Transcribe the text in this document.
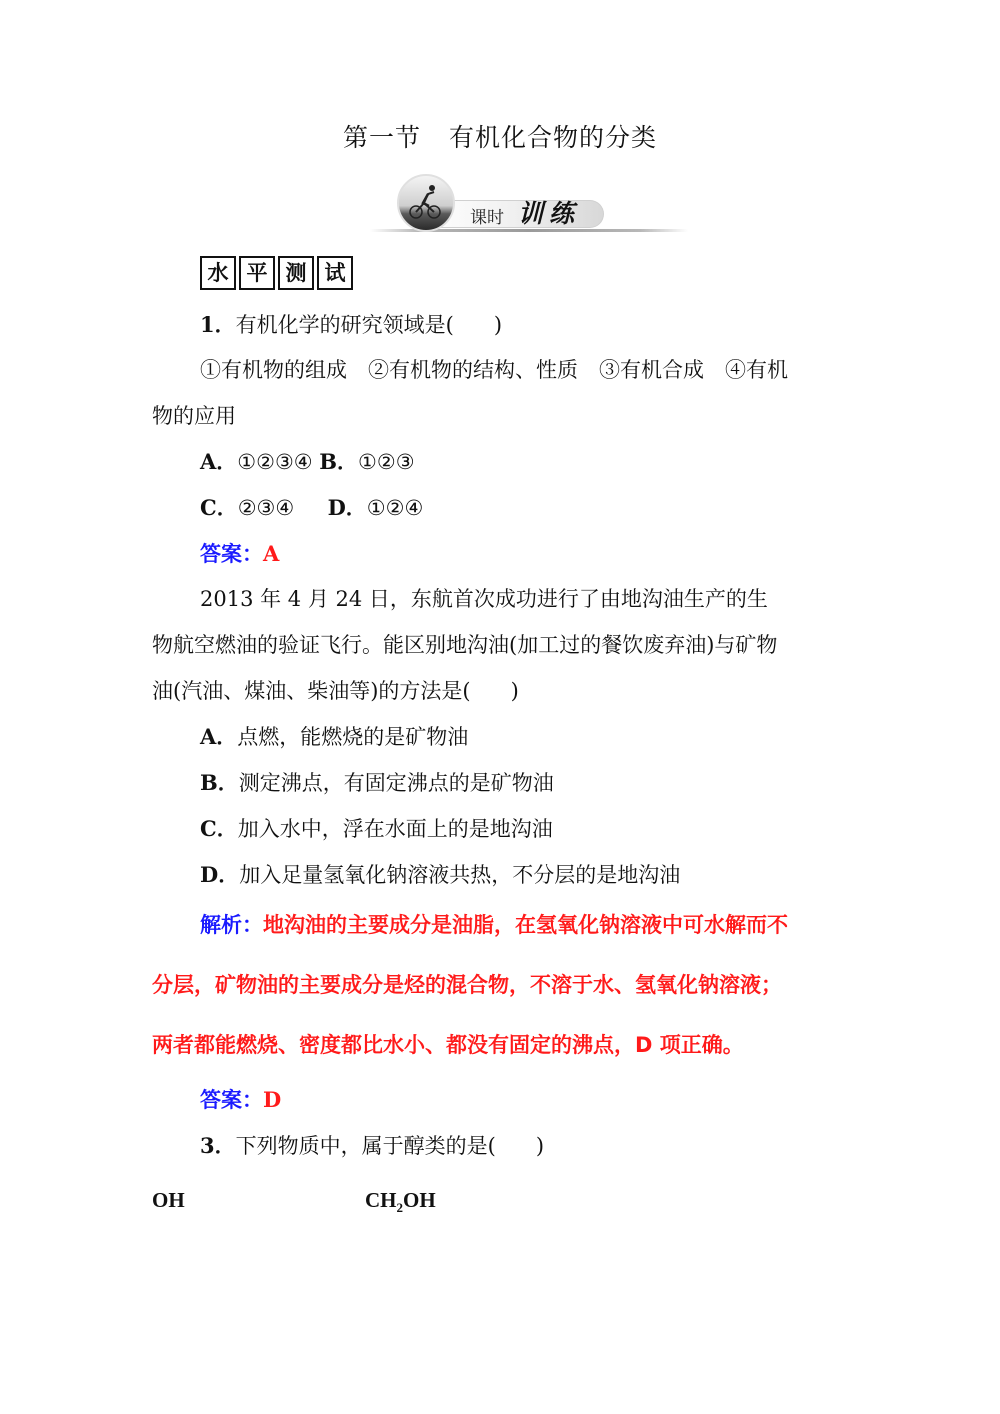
第一节 有机化合物的分类
课时 训练
水 平 测 试
1．有机化学的研究领域是( )
①有机物的组成　②有机物的结构、性质　③有机合成　④有机
物的应用
A．①②③④ B．①②③
C．②③④ D．①②④
答案：A
2013 年 4 月 24 日，东航首次成功进行了由地沟油生产的生
物航空燃油的验证飞行。能区别地沟油(加工过的餐饮废弃油)与矿物
油(汽油、煤油、柴油等)的方法是( )
A．点燃，能燃烧的是矿物油
B．测定沸点，有固定沸点的是矿物油
C．加入水中，浮在水面上的是地沟油
D．加入足量氢氧化钠溶液共热，不分层的是地沟油
解析：地沟油的主要成分是油脂，在氢氧化钠溶液中可水解而不
分层，矿物油的主要成分是烃的混合物，不溶于水、氢氧化钠溶液；
两者都能燃烧、密度都比水小、都没有固定的沸点，D 项正确。
答案：D
3．下列物质中，属于醇类的是( )
OH	$CH_2OH$
